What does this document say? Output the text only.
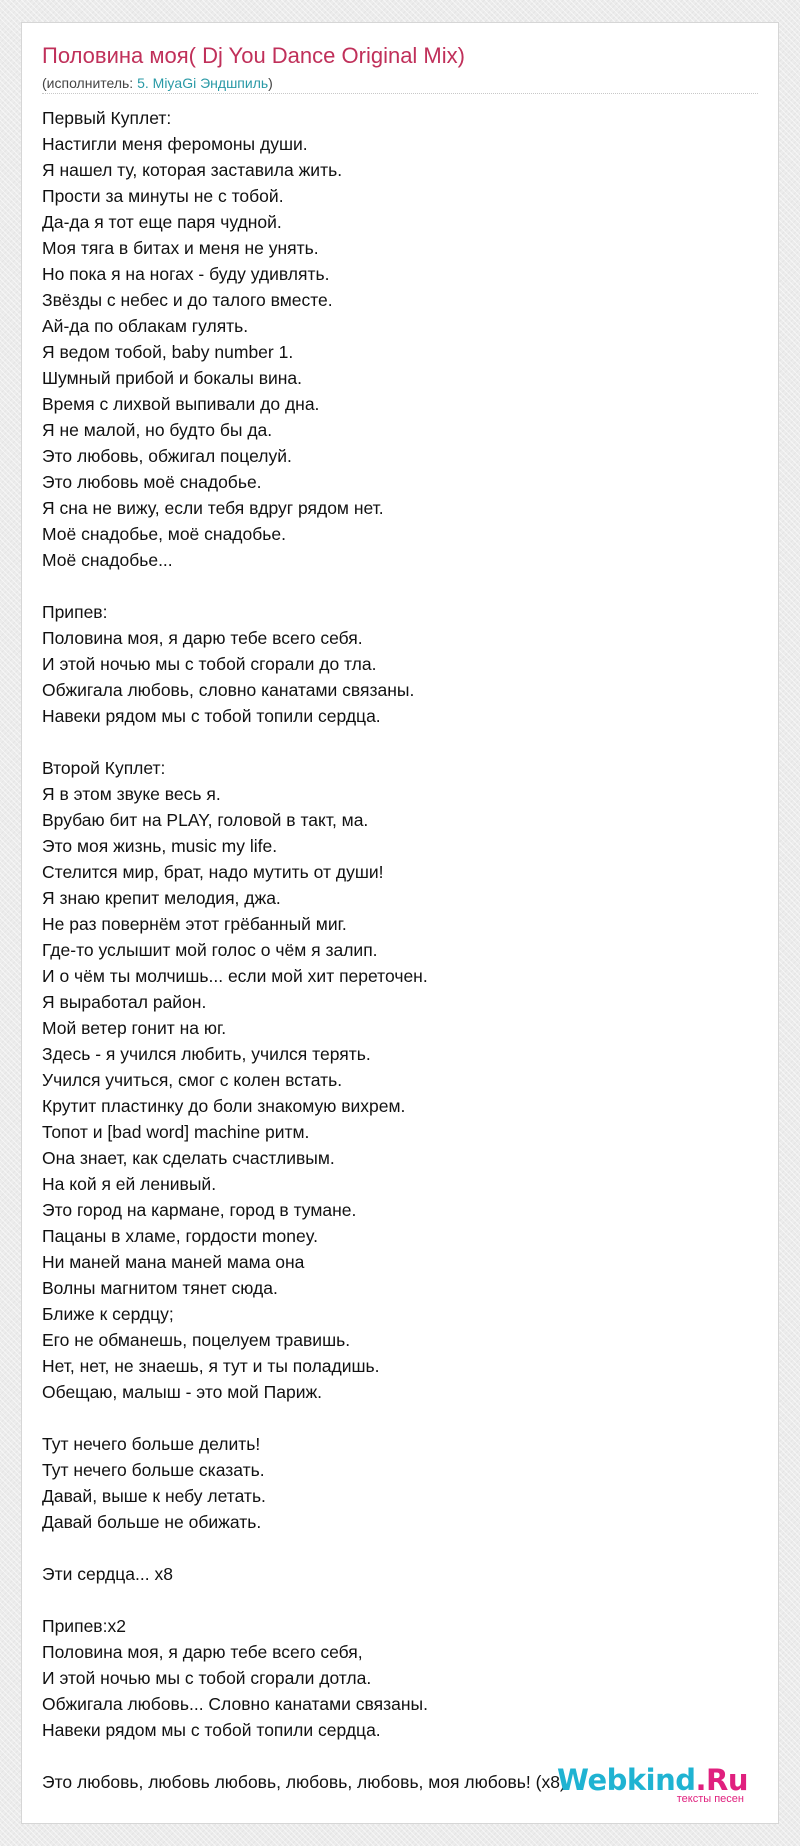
Половина моя( Dj You Dance Original Mix)
(исполнитель: 5. MiyaGi Эндшпиль)
Первый Куплет:
Настигли меня феромоны души.
Я нашел ту, которая заставила жить.
Прости за минуты не с тобой.
Да-да я тот еще паря чудной.
Моя тяга в битах и меня не унять.
Но пока я на ногах - буду удивлять.
Звёзды с небес и до талого вместе.
Ай-да по облакам гулять.
Я ведом тобой, baby number 1.
Шумный прибой и бокалы вина.
Время с лихвой выпивали до дна.
Я не малой, но будто бы да.
Это любовь, обжигал поцелуй.
Это любовь моё снадобье.
Я сна не вижу, если тебя вдруг рядом нет.
Моё снадобье, моё снадобье.
Моё снадобье...

Припев:
Половина моя, я дарю тебе всего себя.
И этой ночью мы с тобой сгорали до тла.
Обжигала любовь, словно канатами связаны.
Навеки рядом мы с тобой топили сердца.

Второй Куплет:
Я в этом звуке весь я.
Врубаю бит на PLAY, головой в такт, ма.
Это моя жизнь, music my life.
Стелится мир, брат, надо мутить от души!
Я знаю крепит мелодия, джа.
Не раз повернём этот грёбанный миг.
Где-то услышит мой голос о чём я залип.
И о чём ты молчишь... если мой хит переточен.
Я выработал район.
Мой ветер гонит на юг.
Здесь - я учился любить, учился терять.
Учился учиться, смог с колен встать.
Крутит пластинку до боли знакомую вихрем.
Топот и [bad word] machine ритм.
Она знает, как сделать счастливым.
На кой я ей ленивый.
Это город на кармане, город в тумане.
Пацаны в хламе, гордости money.
Ни маней мана маней мама она
Волны магнитом тянет сюда.
Ближе к сердцу;
Его не обманешь, поцелуем травишь.
Нет, нет, не знаешь, я тут и ты поладишь.
Обещаю, малыш - это мой Париж.

Тут нечего больше делить!
Тут нечего больше сказать.
Давай, выше к небу летать.
Давай больше не обижать.

Эти сердца... x8

Припев:x2
Половина моя, я дарю тебе всего себя,
И этой ночью мы с тобой сгорали дотла.
Обжигала любовь... Словно канатами связаны.
Навеки рядом мы с тобой топили сердца.

Это любовь, любовь любовь, любовь, любовь, моя любовь! (x8)
Webkind.Ru
тексты песен
